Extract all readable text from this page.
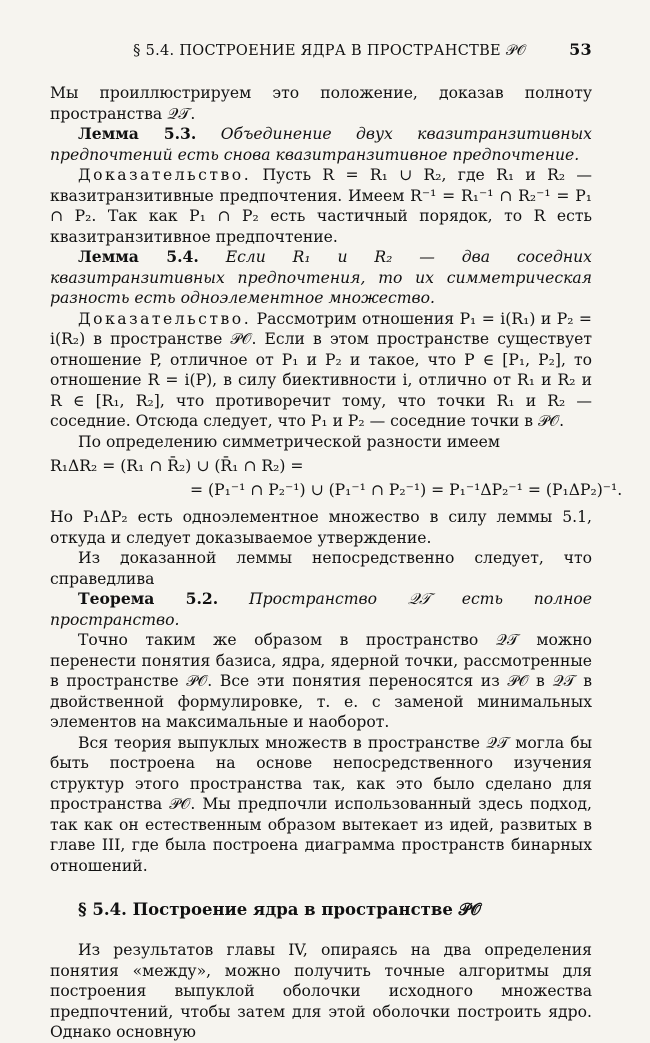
§ 5.4. ПОСТРОЕНИЕ ЯДРА В ПРОСТРАНСТВЕ 𝒫𝒪	53

Мы проиллюстрируем это положение, доказав полноту пространства 𝒬𝒯.

Лемма 5.3. Объединение двух квазитранзитивных предпочтений есть снова квазитранзитивное предпочтение.

Доказательство. Пусть R = R₁ ∪ R₂, где R₁ и R₂ — квазитранзитивные предпочтения. Имеем R⁻¹ = R₁⁻¹ ∩ R₂⁻¹ = P₁ ∩ P₂. Так как P₁ ∩ P₂ есть частичный порядок, то R есть квазитранзитивное предпочтение.

Лемма 5.4. Если R₁ и R₂ — два соседних квазитранзитивных предпочтения, то их симметрическая разность есть одноэлементное множество.

Доказательство. Рассмотрим отношения P₁ = i(R₁) и P₂ = i(R₂) в пространстве 𝒫𝒪. Если в этом пространстве существует отношение P, отличное от P₁ и P₂ и такое, что P ∈ [P₁, P₂], то отношение R = i(P), в силу биективности i, отлично от R₁ и R₂ и R ∈ [R₁, R₂], что противоречит тому, что точки R₁ и R₂ — соседние. Отсюда следует, что P₁ и P₂ — соседние точки в 𝒫𝒪.

По определению симметрической разности имеем

R₁ΔR₂ = (R₁ ∩ R̄₂) ∪ (R̄₁ ∩ R₂) =

= (P₁⁻¹ ∩ P₂⁻¹) ∪ (P₁⁻¹ ∩ P₂⁻¹) = P₁⁻¹ΔP₂⁻¹ = (P₁ΔP₂)⁻¹.

Но P₁ΔP₂ есть одноэлементное множество в силу леммы 5.1, откуда и следует доказываемое утверждение.

Из доказанной леммы непосредственно следует, что справедлива

Теорема 5.2. Пространство 𝒬𝒯 есть полное пространство.

Точно таким же образом в пространство 𝒬𝒯 можно перенести понятия базиса, ядра, ядерной точки, рассмотренные в пространстве 𝒫𝒪. Все эти понятия переносятся из 𝒫𝒪 в 𝒬𝒯 в двойственной формулировке, т. е. с заменой минимальных элементов на максимальные и наоборот.

Вся теория выпуклых множеств в пространстве 𝒬𝒯 могла бы быть построена на основе непосредственного изучения структур этого пространства так, как это было сделано для пространства 𝒫𝒪. Мы предпочли использованный здесь подход, так как он естественным образом вытекает из идей, развитых в главе III, где была построена диаграмма пространств бинарных отношений.

§ 5.4. Построение ядра в пространстве 𝒫𝒪

Из результатов главы IV, опираясь на два определения понятия «между», можно получить точные алгоритмы для построения выпуклой оболочки исходного множества предпочтений, чтобы затем для этой оболочки построить ядро. Однако основную
